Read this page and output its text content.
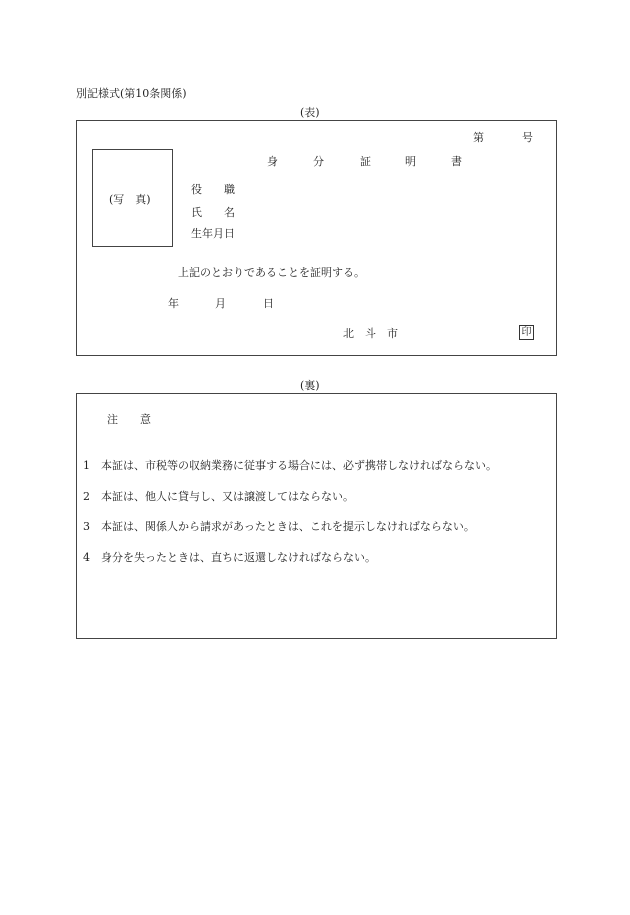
別記様式(第10条関係)
(表)
第	号
身	分	証	明	書
(写　真)
役　　職
氏　　名
生年月日
上記のとおりであることを証明する。
年	月	日
北　斗　市	印
(裏)
注　　意
1 本証は、市税等の収納業務に従事する場合には、必ず携帯しなければならない。
2 本証は、他人に貸与し、又は譲渡してはならない。
3 本証は、関係人から請求があったときは、これを提示しなければならない。
4 身分を失ったときは、直ちに返還しなければならない。
